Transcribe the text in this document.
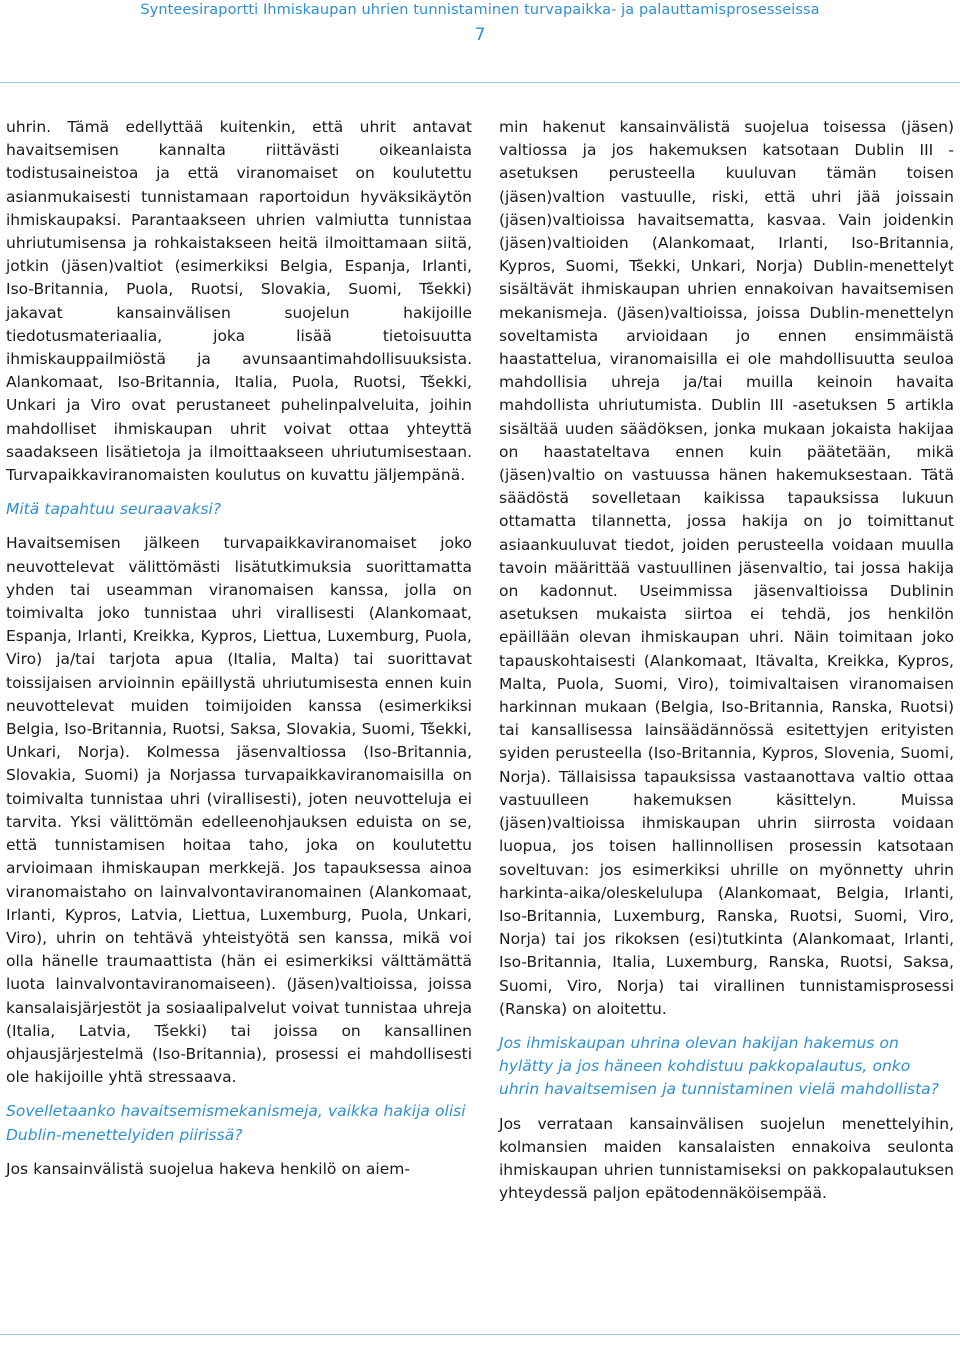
Synteesiraportti Ihmiskaupan uhrien tunnistaminen turvapaikka- ja palauttamisprosesseissa
7

uhrin. Tämä edellyttää kuitenkin, että uhrit antavat havaitsemisen kannalta riittävästi oikeanlaista todistusaineistoa ja että viranomaiset on koulutettu asianmukaisesti tunnistamaan raportoidun hyväksikäytön ihmiskaupaksi. Parantaakseen uhrien valmiutta tunnistaa uhriutumisensa ja rohkaistakseen heitä ilmoittamaan siitä, jotkin (jäsen)valtiot (esimerkiksi Belgia, Espanja, Irlanti, Iso-Britannia, Puola, Ruotsi, Slovakia, Suomi, Tšekki) jakavat kansainvälisen suojelun hakijoille tiedotusmateriaalia, joka lisää tietoisuutta ihmiskauppailmiöstä ja avunsaantimahdollisuuksista. Alankomaat, Iso-Britannia, Italia, Puola, Ruotsi, Tšekki, Unkari ja Viro ovat perustaneet puhelinpalveluita, joihin mahdolliset ihmiskaupan uhrit voivat ottaa yhteyttä saadakseen lisätietoja ja ilmoittaakseen uhriutumisestaan. Turvapaikkaviranomaisten koulutus on kuvattu jäljempänä.

Mitä tapahtuu seuraavaksi?

Havaitsemisen jälkeen turvapaikkaviranomaiset joko neuvottelevat välittömästi lisätutkimuksia suorittamatta yhden tai useamman viranomaisen kanssa, jolla on toimivalta joko tunnistaa uhri virallisesti (Alankomaat, Espanja, Irlanti, Kreikka, Kypros, Liettua, Luxemburg, Puola, Viro) ja/tai tarjota apua (Italia, Malta) tai suorittavat toissijaisen arvioinnin epäillystä uhriutumisesta ennen kuin neuvottelevat muiden toimijoiden kanssa (esimerkiksi Belgia, Iso-Britannia, Ruotsi, Saksa, Slovakia, Suomi, Tšekki, Unkari, Norja). Kolmessa jäsenvaltiossa (Iso-Britannia, Slovakia, Suomi) ja Norjassa turvapaikkaviranomaisilla on toimivalta tunnistaa uhri (virallisesti), joten neuvotteluja ei tarvita. Yksi välittömän edelleenohjauksen eduista on se, että tunnistamisen hoitaa taho, joka on koulutettu arvioimaan ihmiskaupan merkkejä. Jos tapauksessa ainoa viranomaistaho on lainvalvontaviranomainen (Alankomaat, Irlanti, Kypros, Latvia, Liettua, Luxemburg, Puola, Unkari, Viro), uhrin on tehtävä yhteistyötä sen kanssa, mikä voi olla hänelle traumaattista (hän ei esimerkiksi välttämättä luota lainvalvontaviranomaiseen). (Jäsen)valtioissa, joissa kansalaisjärjestöt ja sosiaalipalvelut voivat tunnistaa uhreja (Italia, Latvia, Tšekki) tai joissa on kansallinen ohjausjärjestelmä (Iso-Britannia), prosessi ei mahdollisesti ole hakijoille yhtä stressaava.

Sovelletaanko havaitsemismekanismeja, vaikka hakija olisi Dublin-menettelyiden piirissä?

Jos kansainvälistä suojelua hakeva henkilö on aiem-

min hakenut kansainvälistä suojelua toisessa (jäsen) valtiossa ja jos hakemuksen katsotaan Dublin III -asetuksen perusteella kuuluvan tämän toisen (jäsen)valtion vastuulle, riski, että uhri jää joissain (jäsen)valtioissa havaitsematta, kasvaa. Vain joidenkin (jäsen)valtioiden (Alankomaat, Irlanti, Iso-Britannia, Kypros, Suomi, Tšekki, Unkari, Norja) Dublin-menettelyt sisältävät ihmiskaupan uhrien ennakoivan havaitsemisen mekanismeja. (Jäsen)valtioissa, joissa Dublin-menettelyn soveltamista arvioidaan jo ennen ensimmäistä haastattelua, viranomaisilla ei ole mahdollisuutta seuloa mahdollisia uhreja ja/tai muilla keinoin havaita mahdollista uhriutumista. Dublin III -asetuksen 5 artikla sisältää uuden säädöksen, jonka mukaan jokaista hakijaa on haastateltava ennen kuin päätetään, mikä (jäsen)valtio on vastuussa hänen hakemuksestaan. Tätä säädöstä sovelletaan kaikissa tapauksissa lukuun ottamatta tilannetta, jossa hakija on jo toimittanut asiaankuuluvat tiedot, joiden perusteella voidaan muulla tavoin määrittää vastuullinen jäsenvaltio, tai jossa hakija on kadonnut. Useimmissa jäsenvaltioissa Dublinin asetuksen mukaista siirtoa ei tehdä, jos henkilön epäillään olevan ihmiskaupan uhri. Näin toimitaan joko tapauskohtaisesti (Alankomaat, Itävalta, Kreikka, Kypros, Malta, Puola, Suomi, Viro), toimivaltaisen viranomaisen harkinnan mukaan (Belgia, Iso-Britannia, Ranska, Ruotsi) tai kansallisessa lainsäädännössä esitettyjen erityisten syiden perusteella (Iso-Britannia, Kypros, Slovenia, Suomi, Norja). Tällaisissa tapauksissa vastaanottava valtio ottaa vastuulleen hakemuksen käsittelyn. Muissa (jäsen)valtioissa ihmiskaupan uhrin siirrosta voidaan luopua, jos toisen hallinnollisen prosessin katsotaan soveltuvan: jos esimerkiksi uhrille on myönnetty uhrin harkinta-aika/oleskelulupa (Alankomaat, Belgia, Irlanti, Iso-Britannia, Luxemburg, Ranska, Ruotsi, Suomi, Viro, Norja) tai jos rikoksen (esi)tutkinta (Alankomaat, Irlanti, Iso-Britannia, Italia, Luxemburg, Ranska, Ruotsi, Saksa, Suomi, Viro, Norja) tai virallinen tunnistamisprosessi (Ranska) on aloitettu.

Jos ihmiskaupan uhrina olevan hakijan hakemus on hylätty ja jos häneen kohdistuu pakkopalautus, onko uhrin havaitsemisen ja tunnistaminen vielä mahdollista?

Jos verrataan kansainvälisen suojelun menettelyihin, kolmansien maiden kansalaisten ennakoiva seulonta ihmiskaupan uhrien tunnistamiseksi on pakkopalautuksen yhteydessä paljon epätodennäköisempää.
